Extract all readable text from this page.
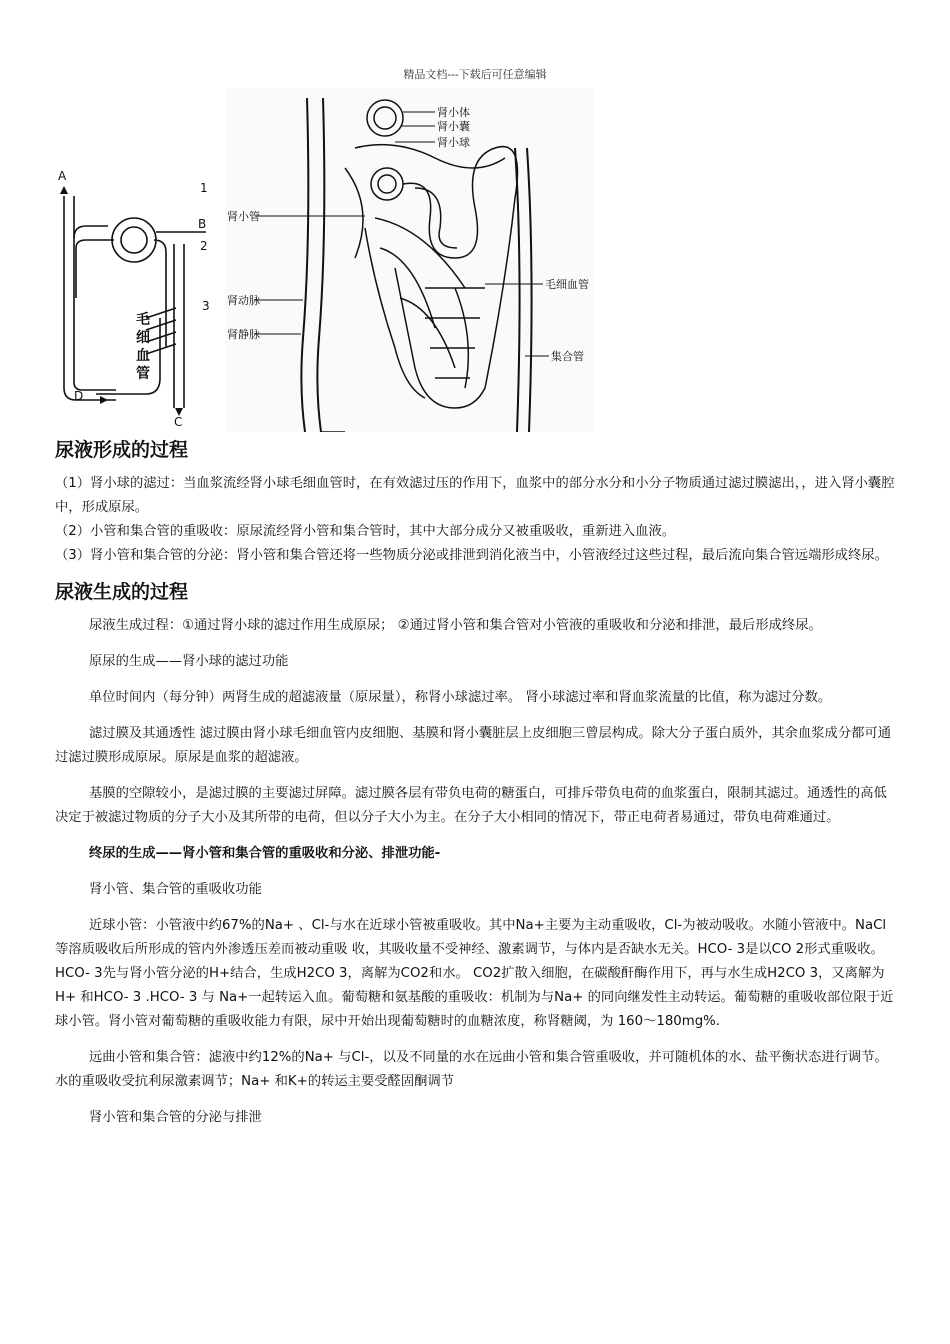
精品文档---下载后可任意编辑
A
1
B
2
3
D
C
毛
细
血
管
肾小体
肾小囊
肾小球
肾小管
肾动脉
肾静脉
毛细血管
集合管
尿液形成的过程

（1）肾小球的滤过：当血浆流经肾小球毛细血管时，在有效滤过压的作用下，血浆中的部分水分和小分子物质通过滤过膜滤出，，进入肾小囊腔中，形成原尿。

（2）小管和集合管的重吸收：原尿流经肾小管和集合管时，其中大部分成分又被重吸收，重新进入血液。

（3）肾小管和集合管的分泌：肾小管和集合管还将一些物质分泌或排泄到消化液当中，小管液经过这些过程，最后流向集合管远端形成终尿。

尿液生成的过程

尿液生成过程：①通过肾小球的滤过作用生成原尿； ②通过肾小管和集合管对小管液的重吸收和分泌和排泄，最后形成终尿。

原尿的生成——肾小球的滤过功能

单位时间内（每分钟）两肾生成的超滤液量（原尿量），称肾小球滤过率。 肾小球滤过率和肾血浆流量的比值，称为滤过分数。

滤过膜及其通透性 滤过膜由肾小球毛细血管内皮细胞、基膜和肾小囊脏层上皮细胞三曾层构成。除大分子蛋白质外，其余血浆成分都可通过滤过膜形成原尿。原尿是血浆的超滤液。

基膜的空隙较小，是滤过膜的主要滤过屏障。滤过膜各层有带负电荷的糖蛋白，可排斥带负电荷的血浆蛋白，限制其滤过。通透性的高低决定于被滤过物质的分子大小及其所带的电荷，但以分子大小为主。在分子大小相同的情况下，带正电荷者易通过，带负电荷难通过。

终尿的生成——肾小管和集合管的重吸收和分泌、排泄功能-

肾小管、集合管的重吸收功能

近球小管：小管液中约67%的Na+ 、Cl-与水在近球小管被重吸收。其中Na+主要为主动重吸收，Cl-为被动吸收。水随小管液中。NaCl 等溶质吸收后所形成的管内外渗透压差而被动重吸 收，其吸收量不受神经、激素调节，与体内是否缺水无关。HCO- 3是以CO 2形式重吸收。HCO- 3先与肾小管分泌的H+结合，生成H2CO 3，离解为CO2和水。 CO2扩散入细胞，在碳酸酐酶作用下，再与水生成H2CO 3，又离解为H+ 和HCO- 3 .HCO- 3 与 Na+一起转运入血。葡萄糖和氨基酸的重吸收：机制为与Na+ 的同向继发性主动转运。葡萄糖的重吸收部位限于近球小管。肾小管对葡萄糖的重吸收能力有限，尿中开始出现葡萄糖时的血糖浓度，称肾糖阈，为 160～180mg%.

远曲小管和集合管：滤液中约12%的Na+ 与Cl-，以及不同量的水在远曲小管和集合管重吸收，并可随机体的水、盐平衡状态进行调节。水的重吸收受抗利尿激素调节；Na+ 和K+的转运主要受醛固酮调节

肾小管和集合管的分泌与排泄
